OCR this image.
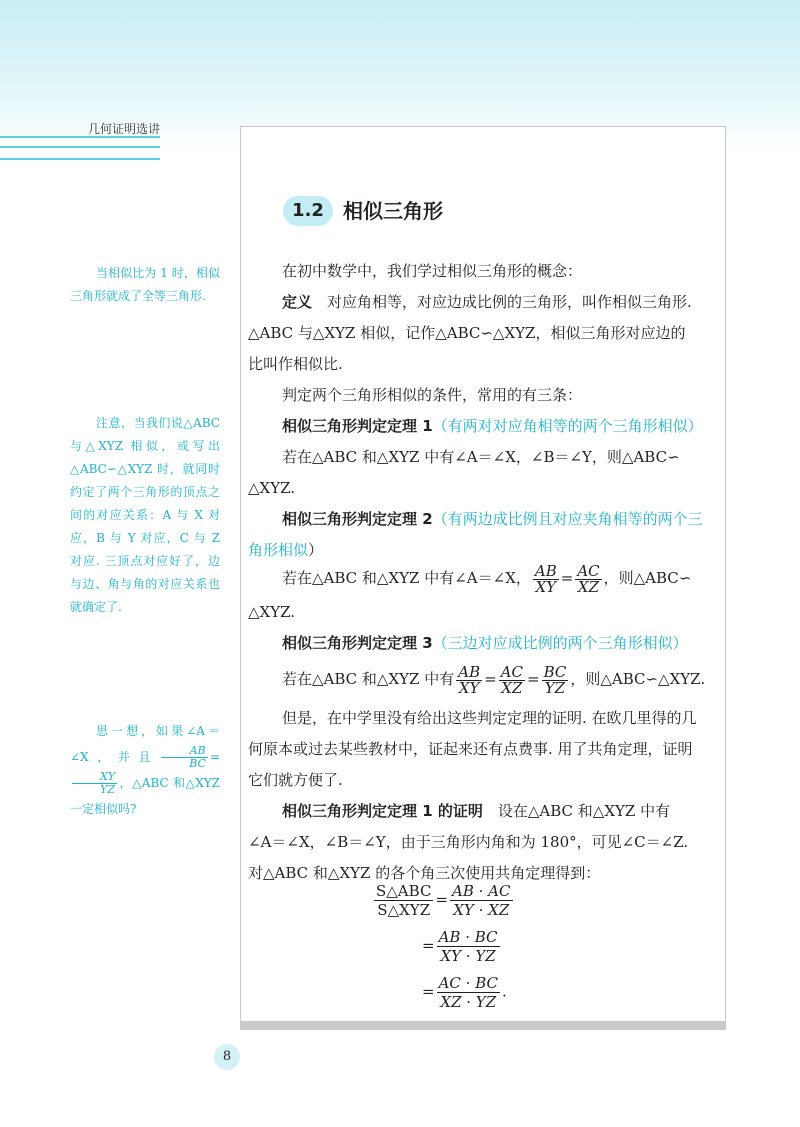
几何证明选讲
1.2 相似三角形
在初中数学中，我们学过相似三角形的概念：
定义　对应角相等，对应边成比例的三角形，叫作相似三角形.
△ABC 与△XYZ 相似，记作△ABC∽△XYZ，相似三角形对应边的
比叫作相似比.
判定两个三角形相似的条件，常用的有三条：
相似三角形判定定理 1（有两对对应角相等的两个三角形相似）
若在△ABC 和△XYZ 中有∠A＝∠X，∠B＝∠Y，则△ABC∽
△XYZ.
相似三角形判定定理 2（有两边成比例且对应夹角相等的两个三
角形相似）
若在△ABC 和△XYZ 中有∠A＝∠X， $\frac{AB}{XY} = \frac{AC}{XZ}$ ，则△ABC∽
△XYZ.
相似三角形判定定理 3（三边对应成比例的两个三角形相似）
若在△ABC 和△XYZ 中有 $\frac{AB}{XY} = \frac{AC}{XZ} = \frac{BC}{YZ}$ ，则△ABC∽△XYZ.
但是，在中学里没有给出这些判定定理的证明. 在欧几里得的几
何原本或过去某些教材中，证起来还有点费事. 用了共角定理，证明
它们就方便了.
相似三角形判定定理 1 的证明　设在△ABC 和△XYZ 中有
∠A＝∠X，∠B＝∠Y，由于三角形内角和为 180°，可见∠C＝∠Z.
对△ABC 和△XYZ 的各个角三次使用共角定理得到：
$\frac{\text{S△ABC}}{\text{S△XYZ}} = \frac{AB \cdot AC}{XY \cdot XZ}$
= $\frac{AB \cdot BC}{XY \cdot YZ}$
= $\frac{AC \cdot BC}{XZ \cdot YZ}$ .
当相似比为 1 时，相似三角形就成了全等三角形.
注意，当我们说△ABC 与△XYZ 相似，或写出△ABC∽△XYZ 时，就同时约定了两个三角形的顶点之间的对应关系：A 与 X 对应，B 与 Y 对应，C 与 Z 对应. 三顶点对应好了，边与边、角与角的对应关系也就确定了.
思一想，如果∠A＝∠X，并且 $\frac{AB}{BC}$ =
$\frac{XY}{YZ}$ ，△ABC 和△XYZ 一定相似吗?
8
